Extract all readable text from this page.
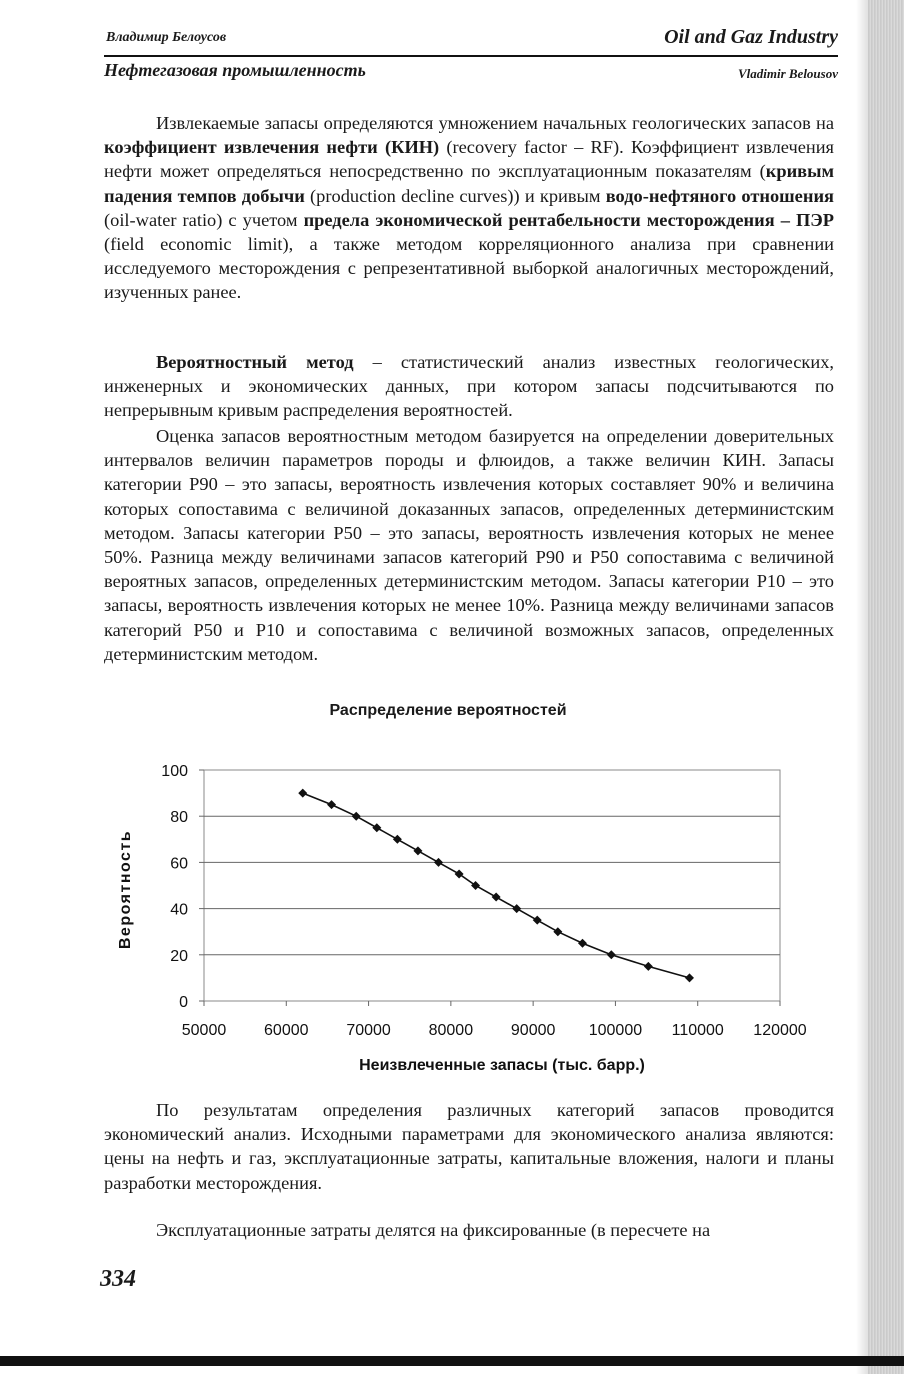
Владимир Белоусов	Oil and Gaz Industry
Нефтегазовая промышленность	Vladimir Belousov

Извлекаемые запасы определяются умножением начальных геологических запасов на коэффициент извлечения нефти (КИН) (recovery factor – RF). Коэффициент извлечения нефти может определяться непосредственно по эксплуатационным показателям (кривым падения темпов добычи (production decline curves)) и кривым водо-нефтяного отношения (oil-water ratio) с учетом предела экономической рентабельности месторождения – ПЭР (field economic limit), а также методом корреляционного анализа при сравнении исследуемого месторождения с репрезентативной выборкой аналогичных месторождений, изученных ранее.

Вероятностный метод – статистический анализ известных геологических, инженерных и экономических данных, при котором запасы подсчитываются по непрерывным кривым распределения вероятностей.

Оценка запасов вероятностным методом базируется на определении доверительных интервалов величин параметров породы и флюидов, а также величин КИН. Запасы категории Р90 – это запасы, вероятность извлечения которых составляет 90% и величина которых сопоставима с величиной доказанных запасов, определенных детерминистским методом. Запасы категории Р50 – это запасы, вероятность извлечения которых не менее 50%. Разница между величинами запасов категорий Р90 и Р50 сопоставима с величиной вероятных запасов, определенных детерминистским методом. Запасы категории Р10 – это запасы, вероятность извлечения которых не менее 10%. Разница между величинами запасов категорий Р50 и Р10 и сопоставима с величиной возможных запасов, определенных детерминистским методом.

Распределение вероятностей
0
20
40
60
80
100
50000 60000 70000 80000 90000 100000 110000 120000
Неизвлеченные запасы (тыс. барр.)
Вероятность

По результатам определения различных категорий запасов проводится экономический анализ. Исходными параметрами для экономического анализа являются: цены на нефть и газ, эксплуатационные затраты, капитальные вложения, налоги и планы разработки месторождения.

Эксплуатационные затраты делятся на фиксированные (в пересчете на

334
